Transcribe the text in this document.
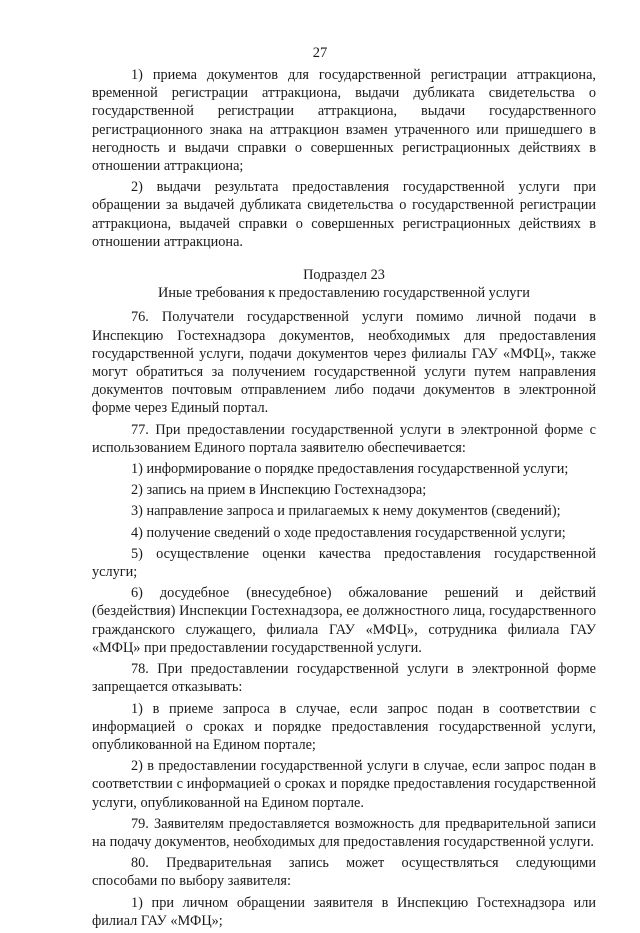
27

1) приема документов для государственной регистрации аттракциона, временной регистрации аттракциона, выдачи дубликата свидетельства о государственной регистрации аттракциона, выдачи государственного регистрационного знака на аттракцион взамен утраченного или пришедшего в негодность и выдачи справки о совершенных регистрационных действиях в отношении аттракциона;

2) выдачи результата предоставления государственной услуги при обращении за выдачей дубликата свидетельства о государственной регистрации аттракциона, выдачей справки о совершенных регистрационных действиях в отношении аттракциона.

Подраздел 23

Иные требования к предоставлению государственной услуги

76. Получатели государственной услуги помимо личной подачи в Инспекцию Гостехнадзора документов, необходимых для предоставления государственной услуги, подачи документов через филиалы ГАУ «МФЦ», также могут обратиться за получением государственной услуги путем направления документов почтовым отправлением либо подачи документов в электронной форме через Единый портал.

77. При предоставлении государственной услуги в электронной форме с использованием Единого портала заявителю обеспечивается:

1) информирование о порядке предоставления государственной услуги;

2) запись на прием в Инспекцию Гостехнадзора;

3) направление запроса и прилагаемых к нему документов (сведений);

4) получение сведений о ходе предоставления государственной услуги;

5) осуществление оценки качества предоставления государственной услуги;

6) досудебное (внесудебное) обжалование решений и действий (бездействия) Инспекции Гостехнадзора, ее должностного лица, государственного гражданского служащего, филиала ГАУ «МФЦ», сотрудника филиала ГАУ «МФЦ» при предоставлении государственной услуги.

78. При предоставлении государственной услуги в электронной форме запрещается отказывать:

1) в приеме запроса в случае, если запрос подан в соответствии с информацией о сроках и порядке предоставления государственной услуги, опубликованной на Едином портале;

2) в предоставлении государственной услуги в случае, если запрос подан в соответствии с информацией о сроках и порядке предоставления государственной услуги, опубликованной на Едином портале.

79. Заявителям предоставляется возможность для предварительной записи на подачу документов, необходимых для предоставления государственной услуги.

80. Предварительная запись может осуществляться следующими способами по выбору заявителя:

1) при личном обращении заявителя в Инспекцию Гостехнадзора или филиал ГАУ «МФЦ»;
